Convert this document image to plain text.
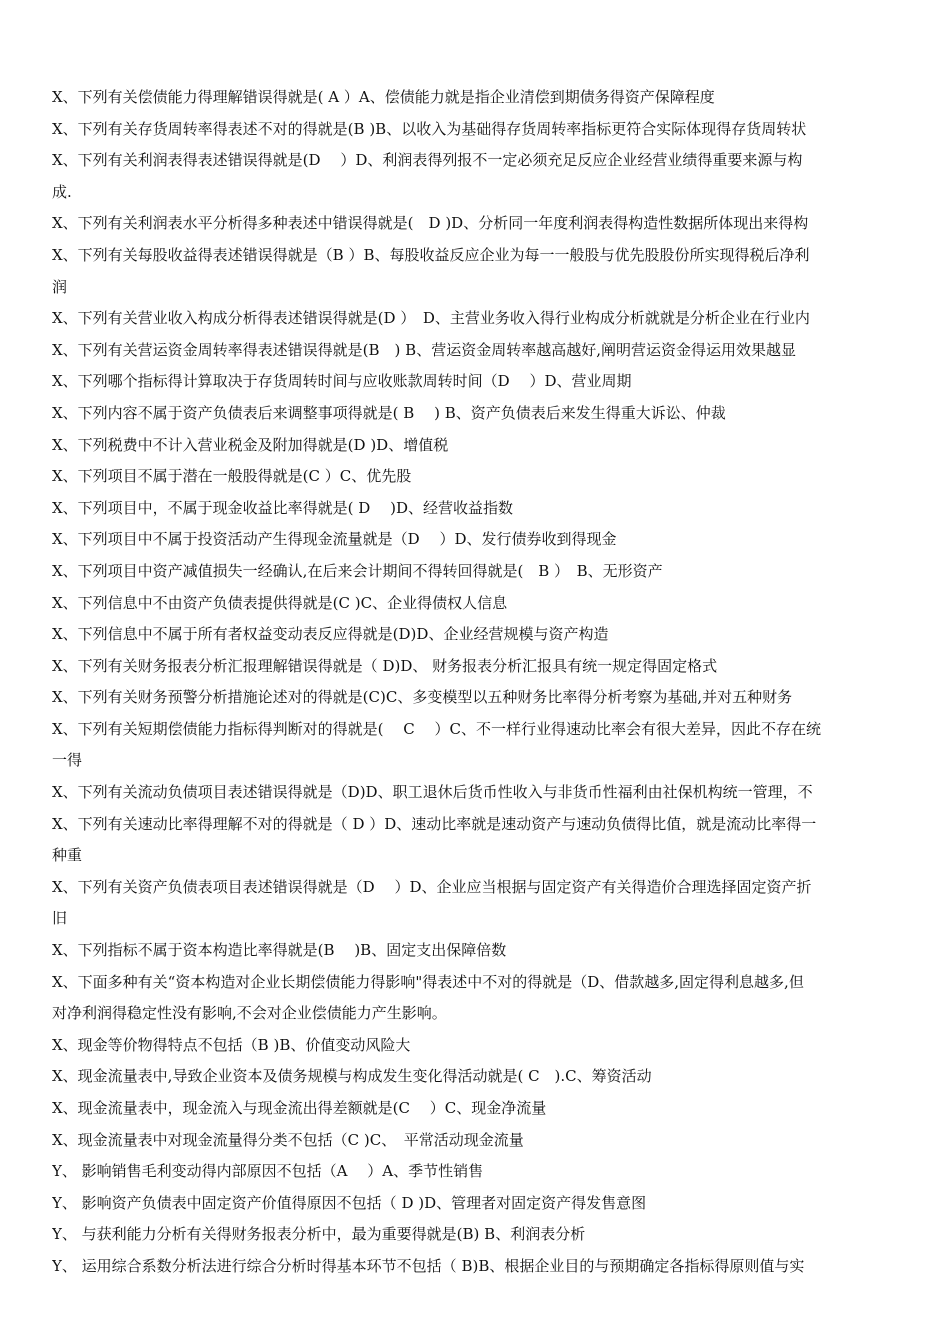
X、下列有关偿债能力得理解错误得就是( A ）A、偿债能力就是指企业清偿到期债务得资产保障程度
X、下列有关存货周转率得表述不对的得就是(B )B、以收入为基础得存货周转率指标更符合实际体现得存货周转状
X、下列有关利润表得表述错误得就是(D　 ）D、利润表得列报不一定必须充足反应企业经营业绩得重要来源与构
成.
X、下列有关利润表水平分析得多种表述中错误得就是(　D )D、分析同一年度利润表得构造性数据所体现出来得构
X、下列有关每股收益得表述错误得就是（B ）B、每股收益反应企业为每一一般股与优先股股份所实现得税后净利
润
X、下列有关营业收入构成分析得表述错误得就是(D ）　D、主营业务收入得行业构成分析就就是分析企业在行业内
X、下列有关营运资金周转率得表述错误得就是(B　) B、营运资金周转率越高越好,阐明营运资金得运用效果越显
X、下列哪个指标得计算取决于存货周转时间与应收账款周转时间（D　 ）D、营业周期
X、下列内容不属于资产负债表后来调整事项得就是( B　 ) B、资产负债表后来发生得重大诉讼、仲裁
X、下列税费中不计入营业税金及附加得就是(D )D、增值税
X、下列项目不属于潜在一般股得就是(C ）C、优先股
X、下列项目中，不属于现金收益比率得就是( D　 )D、经营收益指数
X、下列项目中不属于投资活动产生得现金流量就是（D　 ）D、发行债券收到得现金
X、下列项目中资产减值损失一经确认,在后来会计期间不得转回得就是(　B ）　B、无形资产
X、下列信息中不由资产负债表提供得就是(C )C、企业得债权人信息
X、下列信息中不属于所有者权益变动表反应得就是(D)D、企业经营规模与资产构造
X、下列有关财务报表分析汇报理解错误得就是（ D)D、 财务报表分析汇报具有统一规定得固定格式
X、下列有关财务预警分析措施论述对的得就是(C)C、多变模型以五种财务比率得分析考察为基础,并对五种财务
X、下列有关短期偿债能力指标得判断对的得就是(　 C　 ）C、不一样行业得速动比率会有很大差异，因此不存在统
一得
X、下列有关流动负债项目表述错误得就是（D)D、职工退休后货币性收入与非货币性福利由社保机构统一管理，不
X、下列有关速动比率得理解不对的得就是（ D ）D、速动比率就是速动资产与速动负债得比值，就是流动比率得一
种重
X、下列有关资产负债表项目表述错误得就是（D　 ）D、企业应当根据与固定资产有关得造价合理选择固定资产折
旧
X、下列指标不属于资本构造比率得就是(B　 )B、固定支出保障倍数
X、下面多种有关“资本构造对企业长期偿债能力得影响"得表述中不对的得就是（D、借款越多,固定得利息越多,但
对净利润得稳定性没有影响,不会对企业偿债能力产生影响。
X、现金等价物得特点不包括（B )B、价值变动风险大
X、现金流量表中,导致企业资本及债务规模与构成发生变化得活动就是( C　).C、筹资活动
X、现金流量表中，现金流入与现金流出得差额就是(C　 ）C、现金净流量
X、现金流量表中对现金流量得分类不包括（C )C、　平常活动现金流量
Y、 影响销售毛利变动得内部原因不包括（A　 ）A、季节性销售
Y、 影响资产负债表中固定资产价值得原因不包括（ D )D、管理者对固定资产得发售意图
Y、 与获利能力分析有关得财务报表分析中，最为重要得就是(B) B、利润表分析
Y、 运用综合系数分析法进行综合分析时得基本环节不包括（ B)B、根据企业目的与预期确定各指标得原则值与实
